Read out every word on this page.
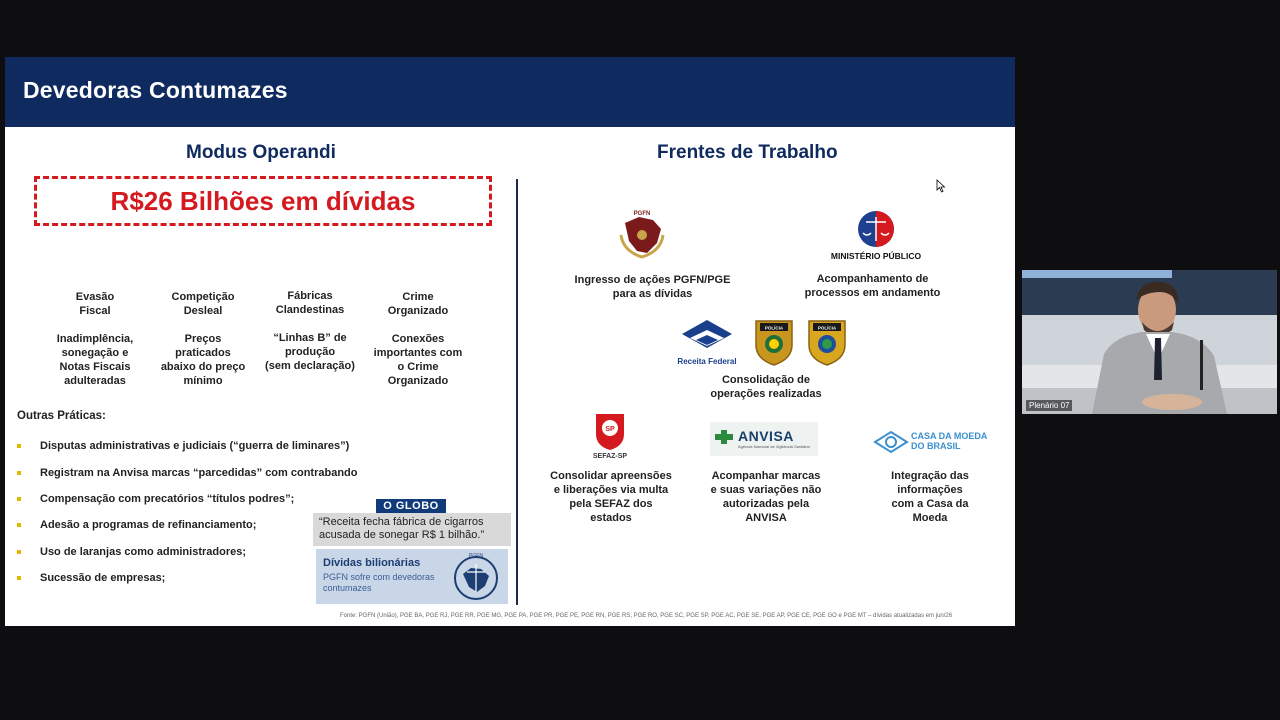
Devedoras Contumazes
Modus Operandi	Frentes de Trabalho
R$26 Bilhões em dívidas
Evasão
Fiscal
Competição
Desleal
Fábricas
Clandestinas
Crime
Organizado
Inadimplência,
sonegação e
Notas Fiscais
adulteradas
Preços
praticados
abaixo do preço
mínimo
“Linhas B” de
produção
(sem declaração)
Conexões
importantes com
o Crime
Organizado
Outras Práticas:
Disputas administrativas e judiciais (“guerra de liminares”)
Registram na Anvisa marcas “parcedidas” com contrabando
Compensação com precatórios “títulos podres”;
Adesão a programas de refinanciamento;
Uso de laranjas como administradores;
Sucessão de empresas;
O GLOBO
“Receita fecha fábrica de cigarros acusada de sonegar R$ 1 bilhão.”
Dívidas bilionárias
PGFN sofre com devedoras contumazes
PGFN
PGFN
Ingresso de ações PGFN/PGE
para as dívidas
MINISTÉRIO PÚBLICO
Acompanhamento de
processos em andamento
Receita Federal
POLÍCIA	POLÍCIA
Consolidação de
operações realizadas
SP
SEFAZ-SP
Consolidar apreensões
e liberações via multa
pela SEFAZ dos
estados
ANVISA
Agência Nacional de Vigilância Sanitária
Acompanhar marcas
e suas variações não
autorizadas pela
ANVISA
CASA DA MOEDA
DO BRASIL
Integração das
informações
com a Casa da
Moeda
Fonte: PGFN (União), PGE BA, PGE RJ, PGE RR, PGE MG, PGE PA, PGE PR, PGE PE, PGE RN, PGE RS, PGE RO, PGE SC, PGE SP, PGE AC, PGE SE, PGE AP, PGE CE, PGE GO e PGE MT – dívidas atualizadas em jun/26
Plenário 07
